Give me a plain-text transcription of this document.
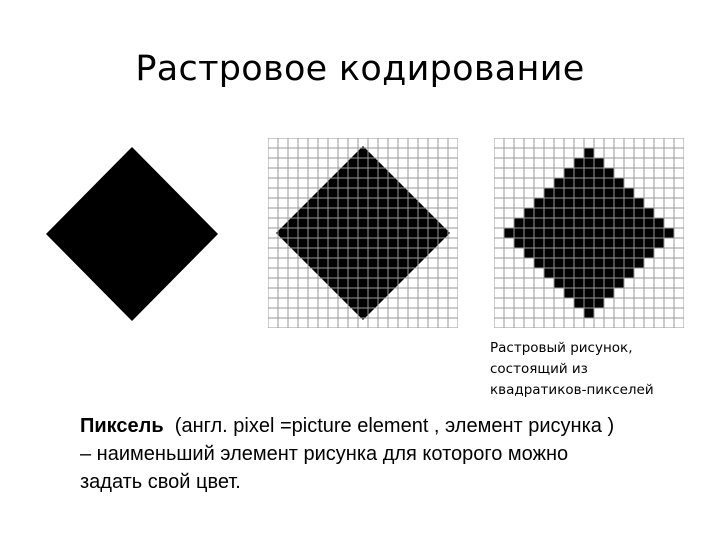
Растровое кодирование
Растровый рисунок,
состоящий из
квадратиков-пикселей
Пиксель (англ. pixel =picture element , элемент рисунка )
– наименьший элемент рисунка для которого можно
задать свой цвет.
